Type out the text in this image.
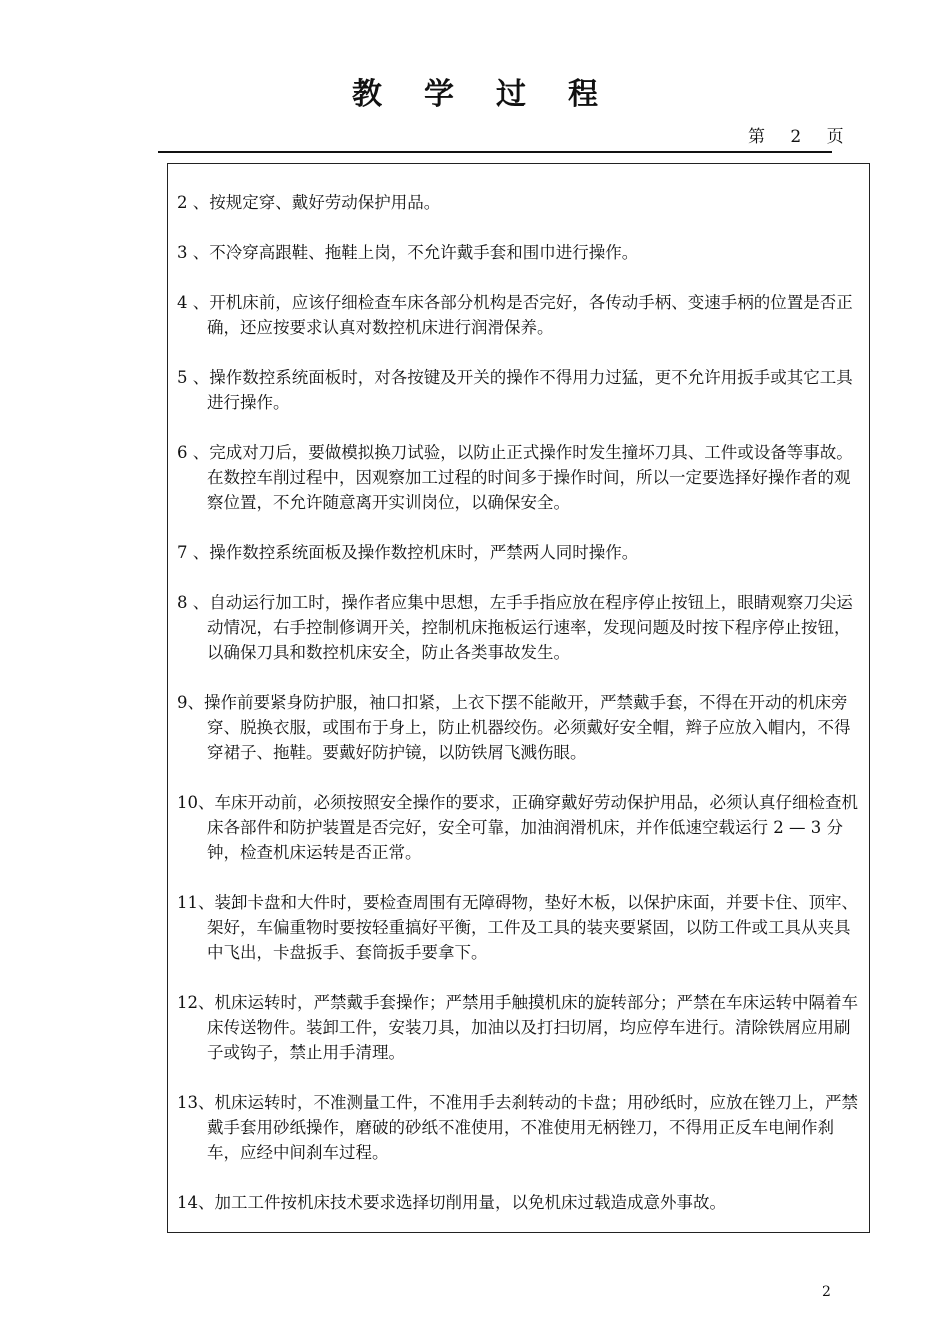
教学过程
第 2 页
2 、按规定穿、戴好劳动保护用品。
3 、不冷穿高跟鞋、拖鞋上岗，不允许戴手套和围巾进行操作。
4 、开机床前，应该仔细检查车床各部分机构是否完好，各传动手柄、变速手柄的位置是否正确，还应按要求认真对数控机床进行润滑保养。
5 、操作数控系统面板时，对各按键及开关的操作不得用力过猛，更不允许用扳手或其它工具进行操作。
6 、完成对刀后，要做模拟换刀试验，以防止正式操作时发生撞坏刀具、工件或设备等事故。　在数控车削过程中，因观察加工过程的时间多于操作时间，所以一定要选择好操作者的观察位置，不允许随意离开实训岗位，以确保安全。
7 、操作数控系统面板及操作数控机床时，严禁两人同时操作。
8 、自动运行加工时，操作者应集中思想，左手手指应放在程序停止按钮上，眼睛观察刀尖运动情况，右手控制修调开关，控制机床拖板运行速率，发现问题及时按下程序停止按钮，以确保刀具和数控机床安全，防止各类事故发生。
9、操作前要紧身防护服，袖口扣紧，上衣下摆不能敞开，严禁戴手套，不得在开动的机床旁穿、脱换衣服，或围布于身上，防止机器绞伤。必须戴好安全帽，辫子应放入帽内，不得穿裙子、拖鞋。要戴好防护镜，以防铁屑飞溅伤眼。
10、车床开动前，必须按照安全操作的要求，正确穿戴好劳动保护用品，必须认真仔细检查机床各部件和防护装置是否完好，安全可靠，加油润滑机床，并作低速空载运行 2 — 3 分钟，检查机床运转是否正常。
11、装卸卡盘和大件时，要检查周围有无障碍物，垫好木板，以保护床面，并要卡住、顶牢、架好，车偏重物时要按轻重搞好平衡，工件及工具的装夹要紧固，以防工件或工具从夹具中飞出，卡盘扳手、套筒扳手要拿下。
12、机床运转时，严禁戴手套操作；严禁用手触摸机床的旋转部分；严禁在车床运转中隔着车床传送物件。装卸工件，安装刀具，加油以及打扫切屑，均应停车进行。清除铁屑应用刷子或钩子，禁止用手清理。
13、机床运转时，不准测量工件，不准用手去刹转动的卡盘；用砂纸时，应放在锉刀上，严禁戴手套用砂纸操作，磨破的砂纸不准使用，不准使用无柄锉刀，不得用正反车电闸作刹车，应经中间刹车过程。
14、加工工件按机床技术要求选择切削用量，以免机床过载造成意外事故。
2
